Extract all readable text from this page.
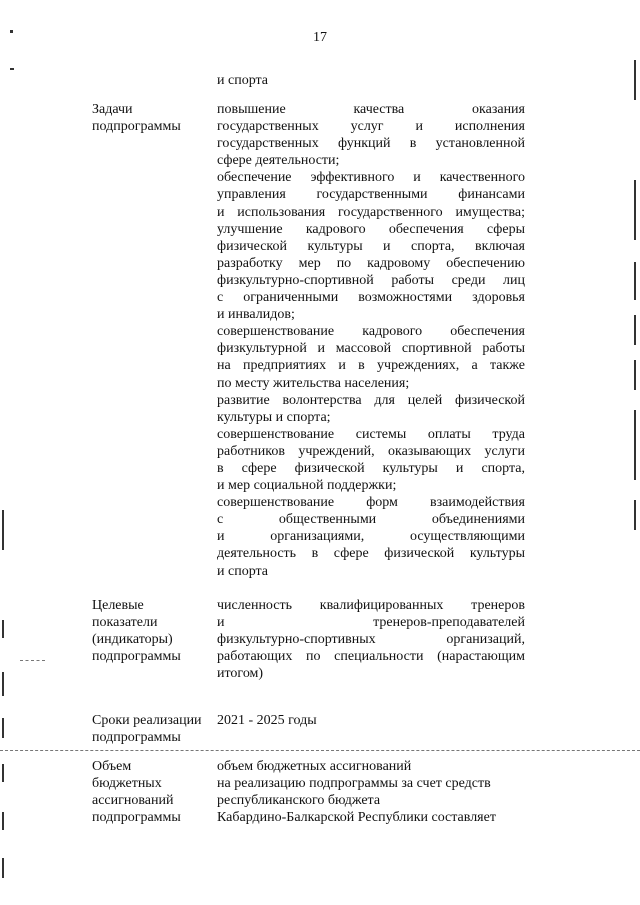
17
и спорта
Задачи
подпрограммы
повышение качества оказания
государственных услуг и исполнения
государственных функций в установленной
сфере деятельности;
обеспечение эффективного и качественного
управления государственными финансами
и использования государственного имущества;
улучшение кадрового обеспечения сферы
физической культуры и спорта, включая
разработку мер по кадровому обеспечению
физкультурно-спортивной работы среди лиц
с ограниченными возможностями здоровья
и инвалидов;
совершенствование кадрового обеспечения
физкультурной и массовой спортивной работы
на предприятиях и в учреждениях, а также
по месту жительства населения;
развитие волонтерства для целей физической
культуры и спорта;
совершенствование системы оплаты труда
работников учреждений, оказывающих услуги
в сфере физической культуры и спорта,
и мер социальной поддержки;
совершенствование форм взаимодействия
с общественными объединениями
и организациями, осуществляющими
деятельность в сфере физической культуры
и спорта
Целевые
показатели
(индикаторы)
подпрограммы
численность квалифицированных тренеров
и тренеров-преподавателей
физкультурно-спортивных организаций,
работающих по специальности (нарастающим
итогом)
Сроки реализации
подпрограммы
2021 - 2025 годы
Объем
бюджетных
ассигнований
подпрограммы
объем бюджетных ассигнований
на реализацию подпрограммы за счет средств
республиканского бюджета
Кабардино-Балкарской Республики составляет
